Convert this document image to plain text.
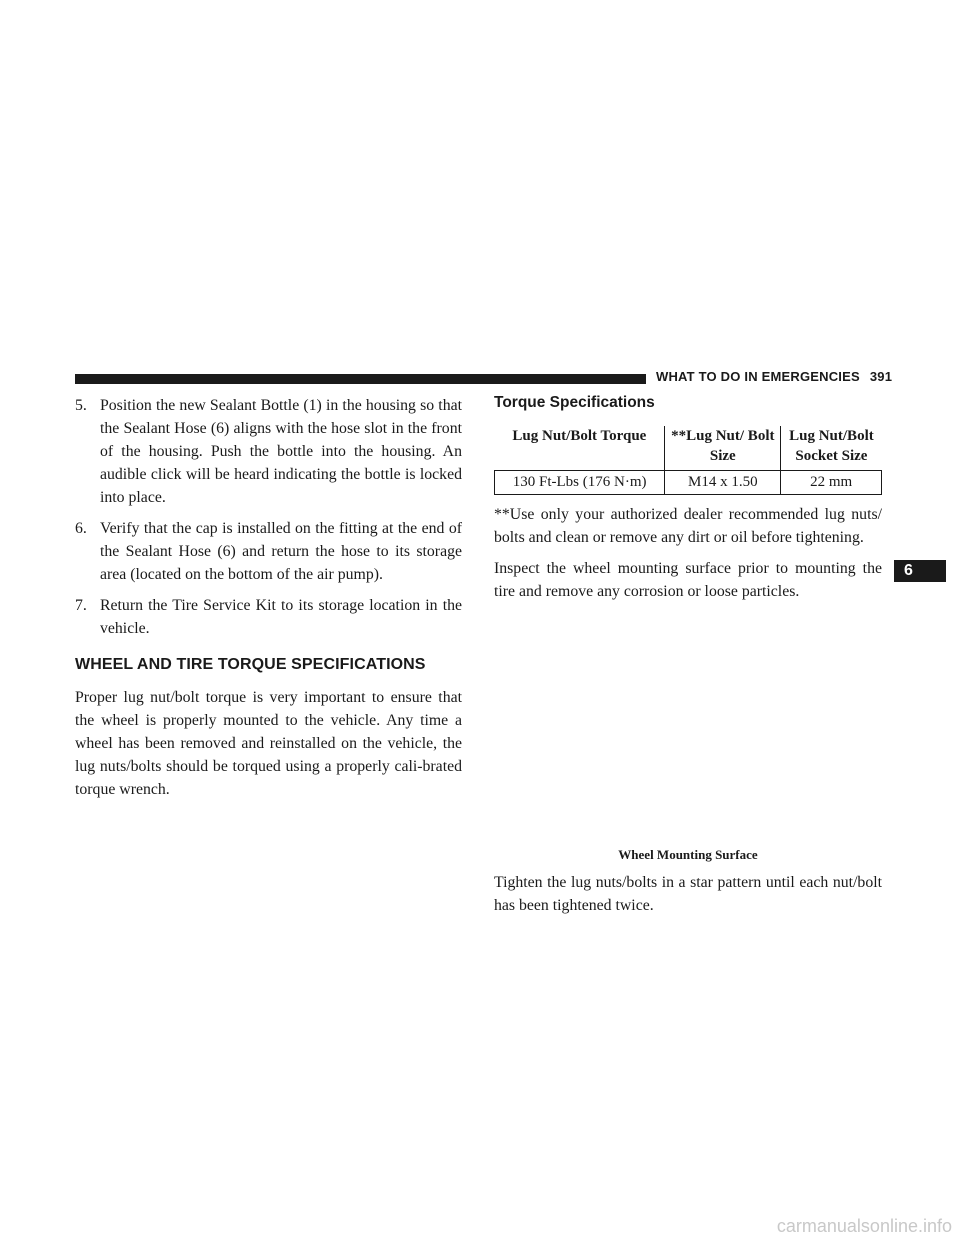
WHAT TO DO IN EMERGENCIES 391
5. Position the new Sealant Bottle (1) in the housing so that the Sealant Hose (6) aligns with the hose slot in the front of the housing. Push the bottle into the housing. An audible click will be heard indicating the bottle is locked into place.
6. Verify that the cap is installed on the fitting at the end of the Sealant Hose (6) and return the hose to its storage area (located on the bottom of the air pump).
7. Return the Tire Service Kit to its storage location in the vehicle.
WHEEL AND TIRE TORQUE SPECIFICATIONS

Proper lug nut/bolt torque is very important to ensure that the wheel is properly mounted to the vehicle. Any time a wheel has been removed and reinstalled on the vehicle, the lug nuts/bolts should be torqued using a properly cali-brated torque wrench.

Torque Specifications
Lug Nut/Bolt Torque	**Lug Nut/ Bolt Size	Lug Nut/Bolt Socket Size
130 Ft-Lbs (176 N·m)	M14 x 1.50	22 mm

**Use only your authorized dealer recommended lug nuts/ bolts and clean or remove any dirt or oil before tightening.

Inspect the wheel mounting surface prior to mounting the tire and remove any corrosion or loose particles.

Wheel Mounting Surface

Tighten the lug nuts/bolts in a star pattern until each nut/bolt has been tightened twice.

6
carmanualsonline.info
